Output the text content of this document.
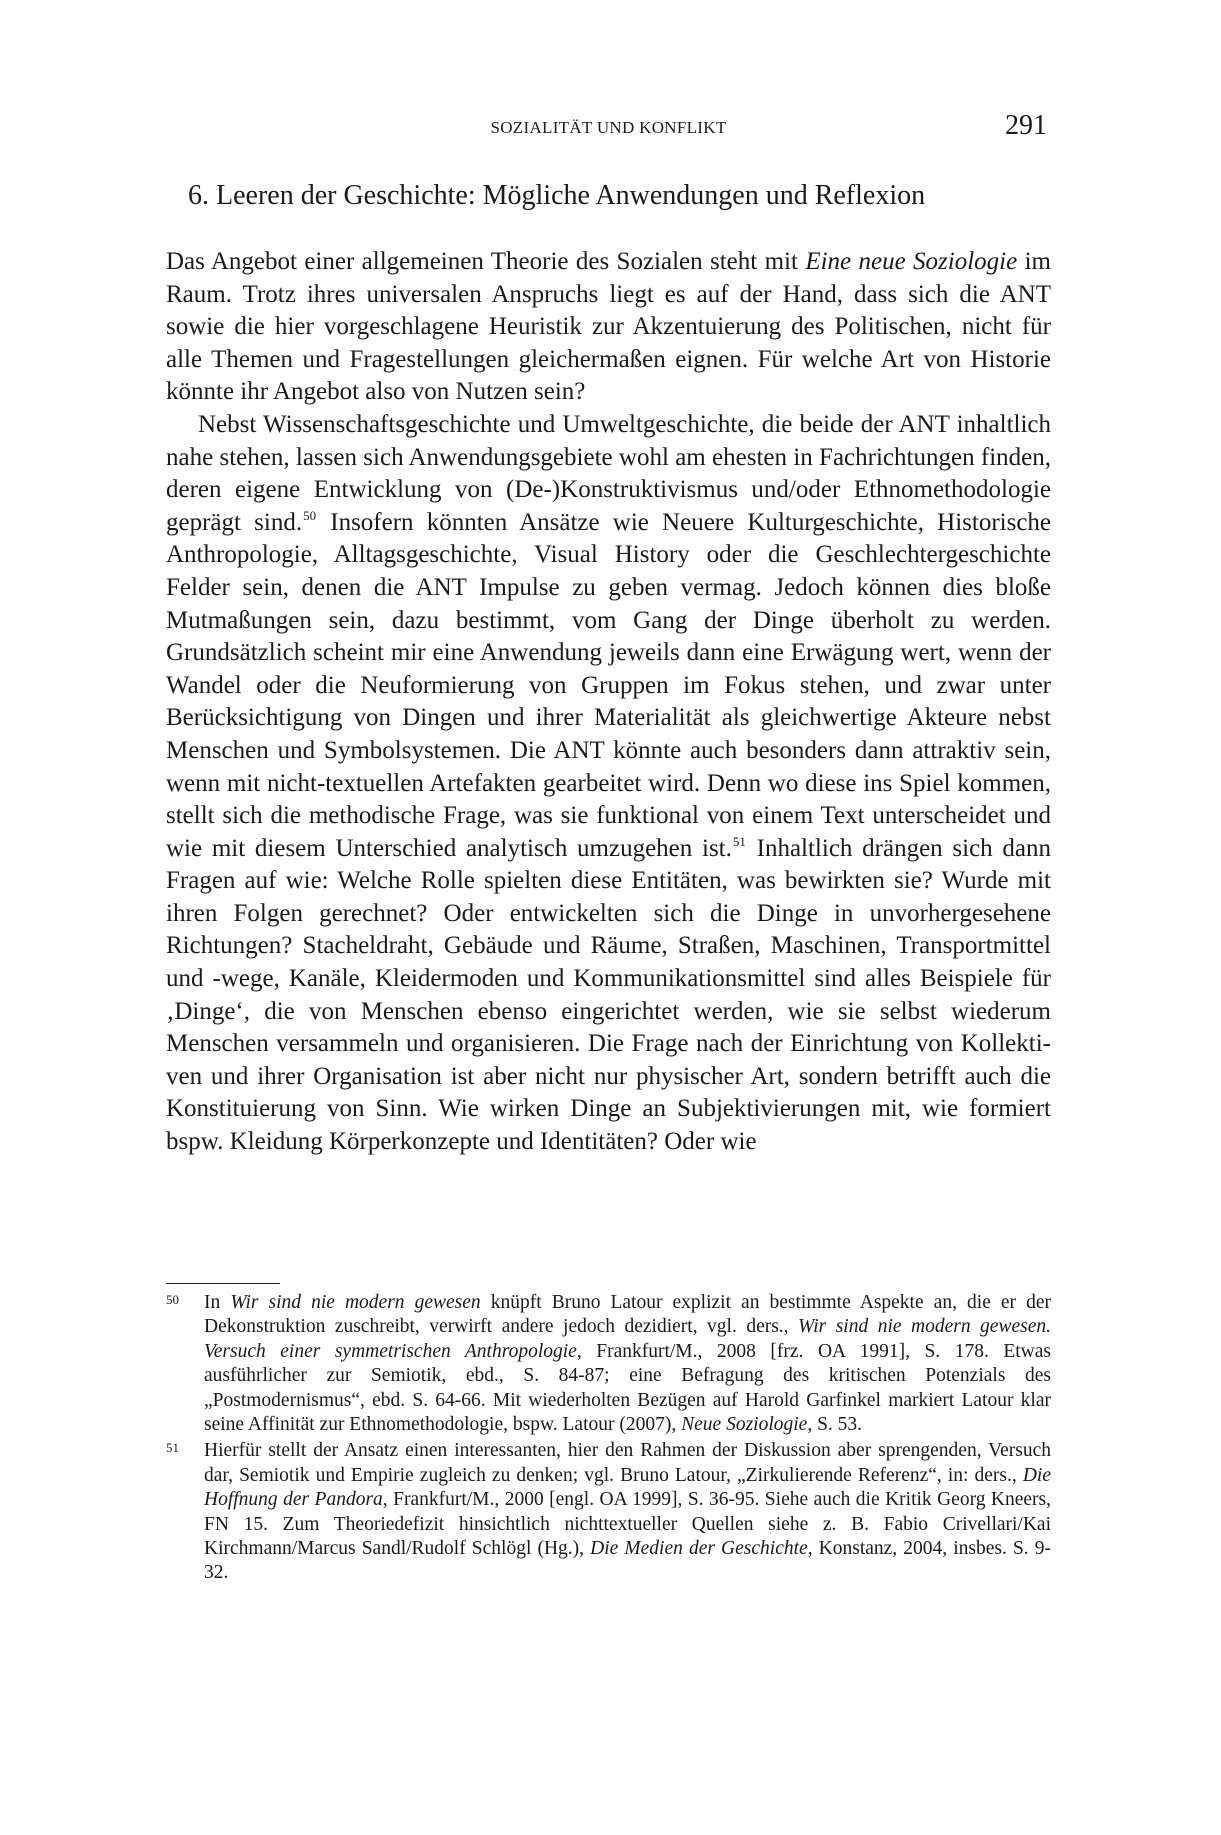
SOZIALITÄT UND KONFLIKT	291
6. Leeren der Geschichte: Mögliche Anwendungen und Reflexion

Das Angebot einer allgemeinen Theorie des Sozialen steht mit Eine neue Soziologie im Raum. Trotz ihres universalen Anspruchs liegt es auf der Hand, dass sich die ANT sowie die hier vorgeschlagene Heuristik zur Akzentuierung des Politischen, nicht für alle Themen und Fragestellungen gleichermaßen eignen. Für welche Art von Historie könnte ihr Angebot also von Nutzen sein?

Nebst Wissenschaftsgeschichte und Umweltgeschichte, die beide der ANT inhaltlich nahe stehen, lassen sich Anwendungsgebiete wohl am ehesten in Fachrichtungen finden, deren eigene Entwicklung von (De-)Konstruktivismus und/oder Ethnomethodologie geprägt sind.$^{50}$ Insofern könnten Ansätze wie Neuere Kulturgeschichte, Historische Anthropologie, Alltagsgeschichte, Visual History oder die Geschlechtergeschichte Felder sein, denen die ANT Impulse zu geben vermag. Jedoch können dies bloße Mutmaßungen sein, dazu bestimmt, vom Gang der Dinge überholt zu werden. Grundsätzlich scheint mir eine Anwendung jeweils dann eine Erwägung wert, wenn der Wandel oder die Neuformierung von Gruppen im Fokus stehen, und zwar unter Berücksichtigung von Dingen und ihrer Materialität als gleichwertige Akteure nebst Menschen und Symbolsystemen. Die ANT könnte auch besonders dann attraktiv sein, wenn mit nicht-textuellen Artefakten gearbeitet wird. Denn wo diese ins Spiel kommen, stellt sich die methodische Frage, was sie funktional von einem Text unterscheidet und wie mit diesem Unterschied analytisch umzugehen ist.$^{51}$ Inhaltlich drängen sich dann Fragen auf wie: Welche Rolle spielten diese Entitäten, was bewirkten sie? Wurde mit ihren Folgen gerechnet? Oder entwickelten sich die Dinge in unvorhergesehene Richtungen? Stacheldraht, Gebäude und Räume, Straßen, Maschinen, Transportmittel und -wege, Kanäle, Kleidermoden und Kommunikationsmittel sind alles Beispiele für ‚Dinge‘, die von Menschen ebenso eingerichtet werden, wie sie selbst wiederum Menschen versammeln und organisieren. Die Frage nach der Einrichtung von Kollektiven und ihrer Organisation ist aber nicht nur physischer Art, sondern betrifft auch die Konstituierung von Sinn. Wie wirken Dinge an Subjektivierungen mit, wie formiert bspw. Kleidung Körperkonzepte und Identitäten? Oder wie

50 In Wir sind nie modern gewesen knüpft Bruno Latour explizit an bestimmte Aspekte an, die er der Dekonstruktion zuschreibt, verwirft andere jedoch dezidiert, vgl. ders., Wir sind nie modern gewesen. Versuch einer symmetrischen Anthropologie, Frankfurt/M., 2008 [frz. OA 1991], S. 178. Etwas ausführlicher zur Semiotik, ebd., S. 84-87; eine Befragung des kritischen Potenzials des „Postmodernismus“, ebd. S. 64-66. Mit wiederholten Bezügen auf Harold Garfinkel markiert Latour klar seine Affinität zur Ethnomethodologie, bspw. Latour (2007), Neue Soziologie, S. 53.
51 Hierfür stellt der Ansatz einen interessanten, hier den Rahmen der Diskussion aber sprengenden, Versuch dar, Semiotik und Empirie zugleich zu denken; vgl. Bruno Latour, „Zirkulierende Referenz“, in: ders., Die Hoffnung der Pandora, Frankfurt/M., 2000 [engl. OA 1999], S. 36-95. Siehe auch die Kritik Georg Kneers, FN 15. Zum Theoriedefizit hinsichtlich nichttextueller Quellen siehe z. B. Fabio Crivellari/Kai Kirchmann/Marcus Sandl/Rudolf Schlögl (Hg.), Die Medien der Geschichte, Konstanz, 2004, insbes. S. 9-32.
